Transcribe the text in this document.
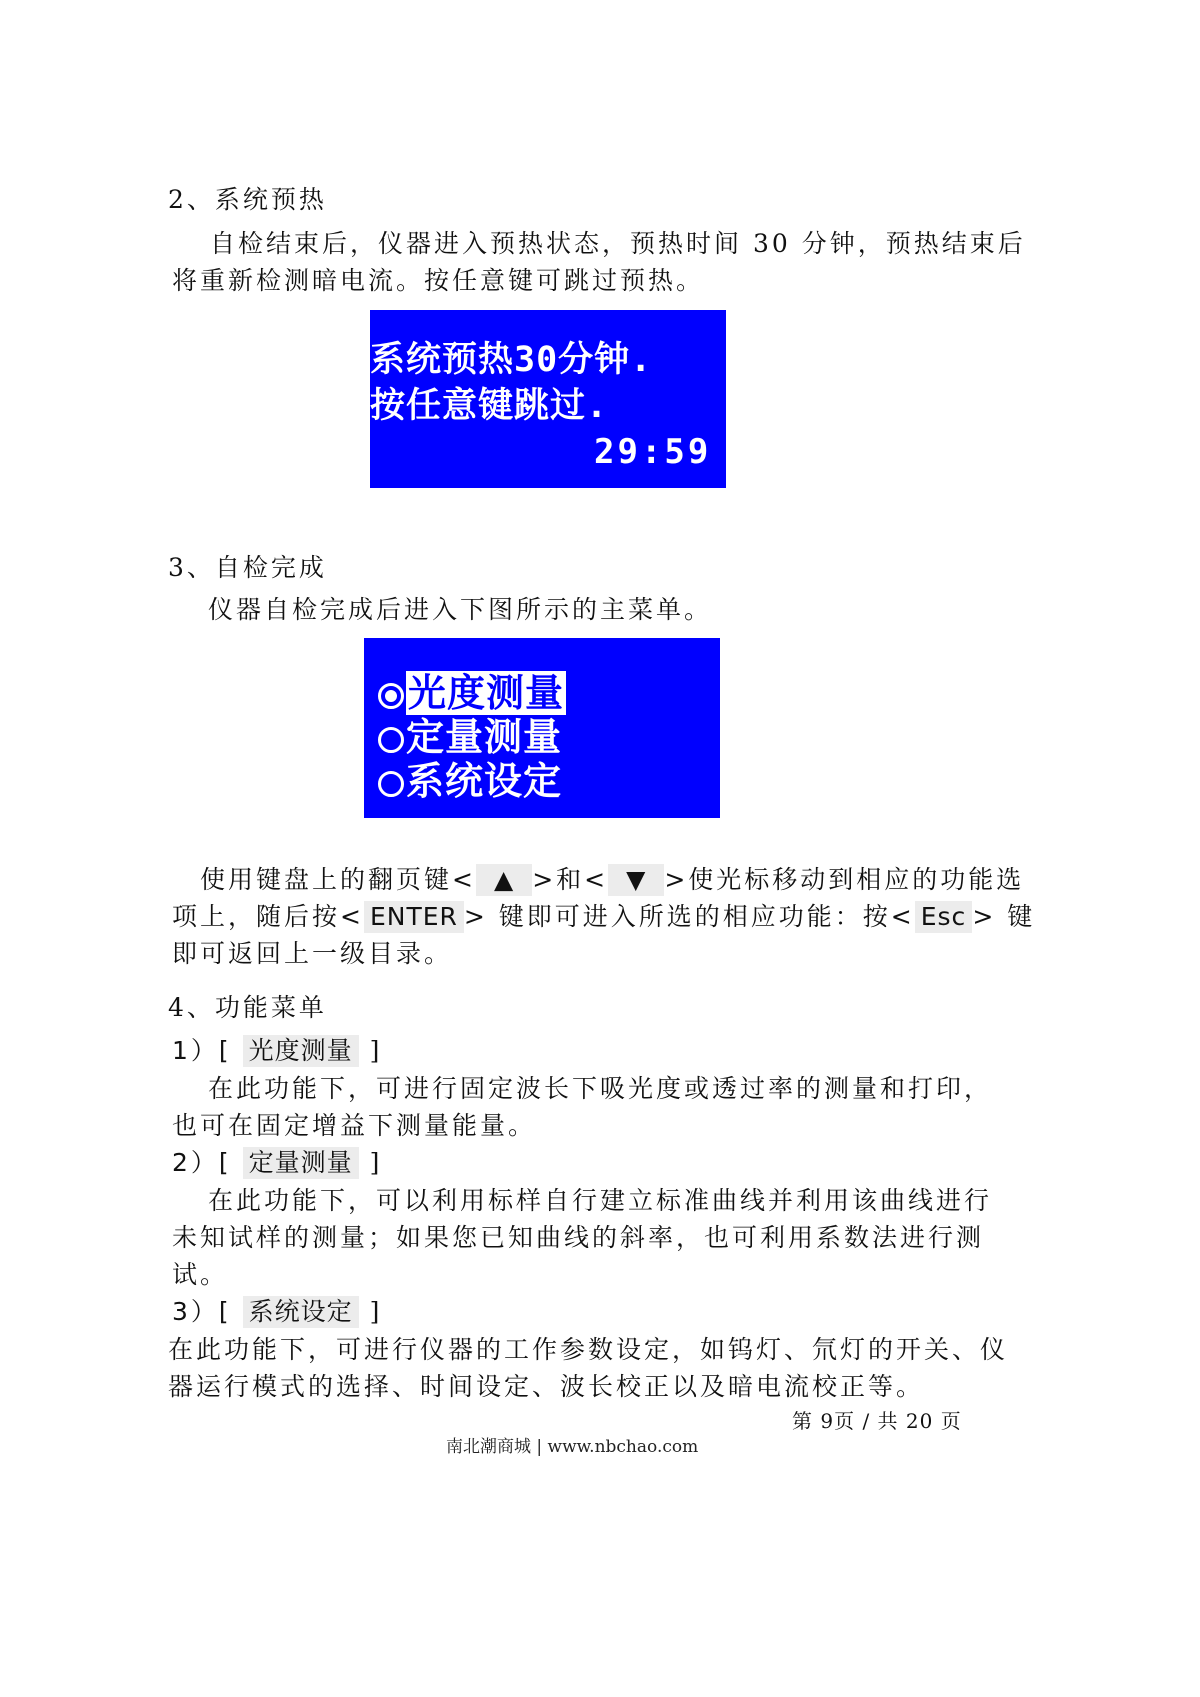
2、系统预热
自检结束后，仪器进入预热状态，预热时间 30 分钟，预热结束后
将重新检测暗电流。按任意键可跳过预热。
系统预热30分钟.
按任意键跳过.
29:59
3、自检完成
仪器自检完成后进入下图所示的主菜单。
光度测量
定量测量
系统设定
使用键盘上的翻页键< ▲ >和< ▼ >使光标移动到相应的功能选
项上，随后按< ENTER > 键即可进入所选的相应功能：按< Esc > 键
即可返回上一级目录。
4、功能菜单
1）[ 光度测量 ]
在此功能下，可进行固定波长下吸光度或透过率的测量和打印，
也可在固定增益下测量能量。
2）[ 定量测量 ]
在此功能下，可以利用标样自行建立标准曲线并利用该曲线进行
未知试样的测量；如果您已知曲线的斜率，也可利用系数法进行测
试。
3）[ 系统设定 ]
在此功能下，可进行仪器的工作参数设定，如钨灯、氘灯的开关、仪
器运行模式的选择、时间设定、波长校正以及暗电流校正等。
第 9页 / 共 20 页
南北潮商城 | www.nbchao.com
